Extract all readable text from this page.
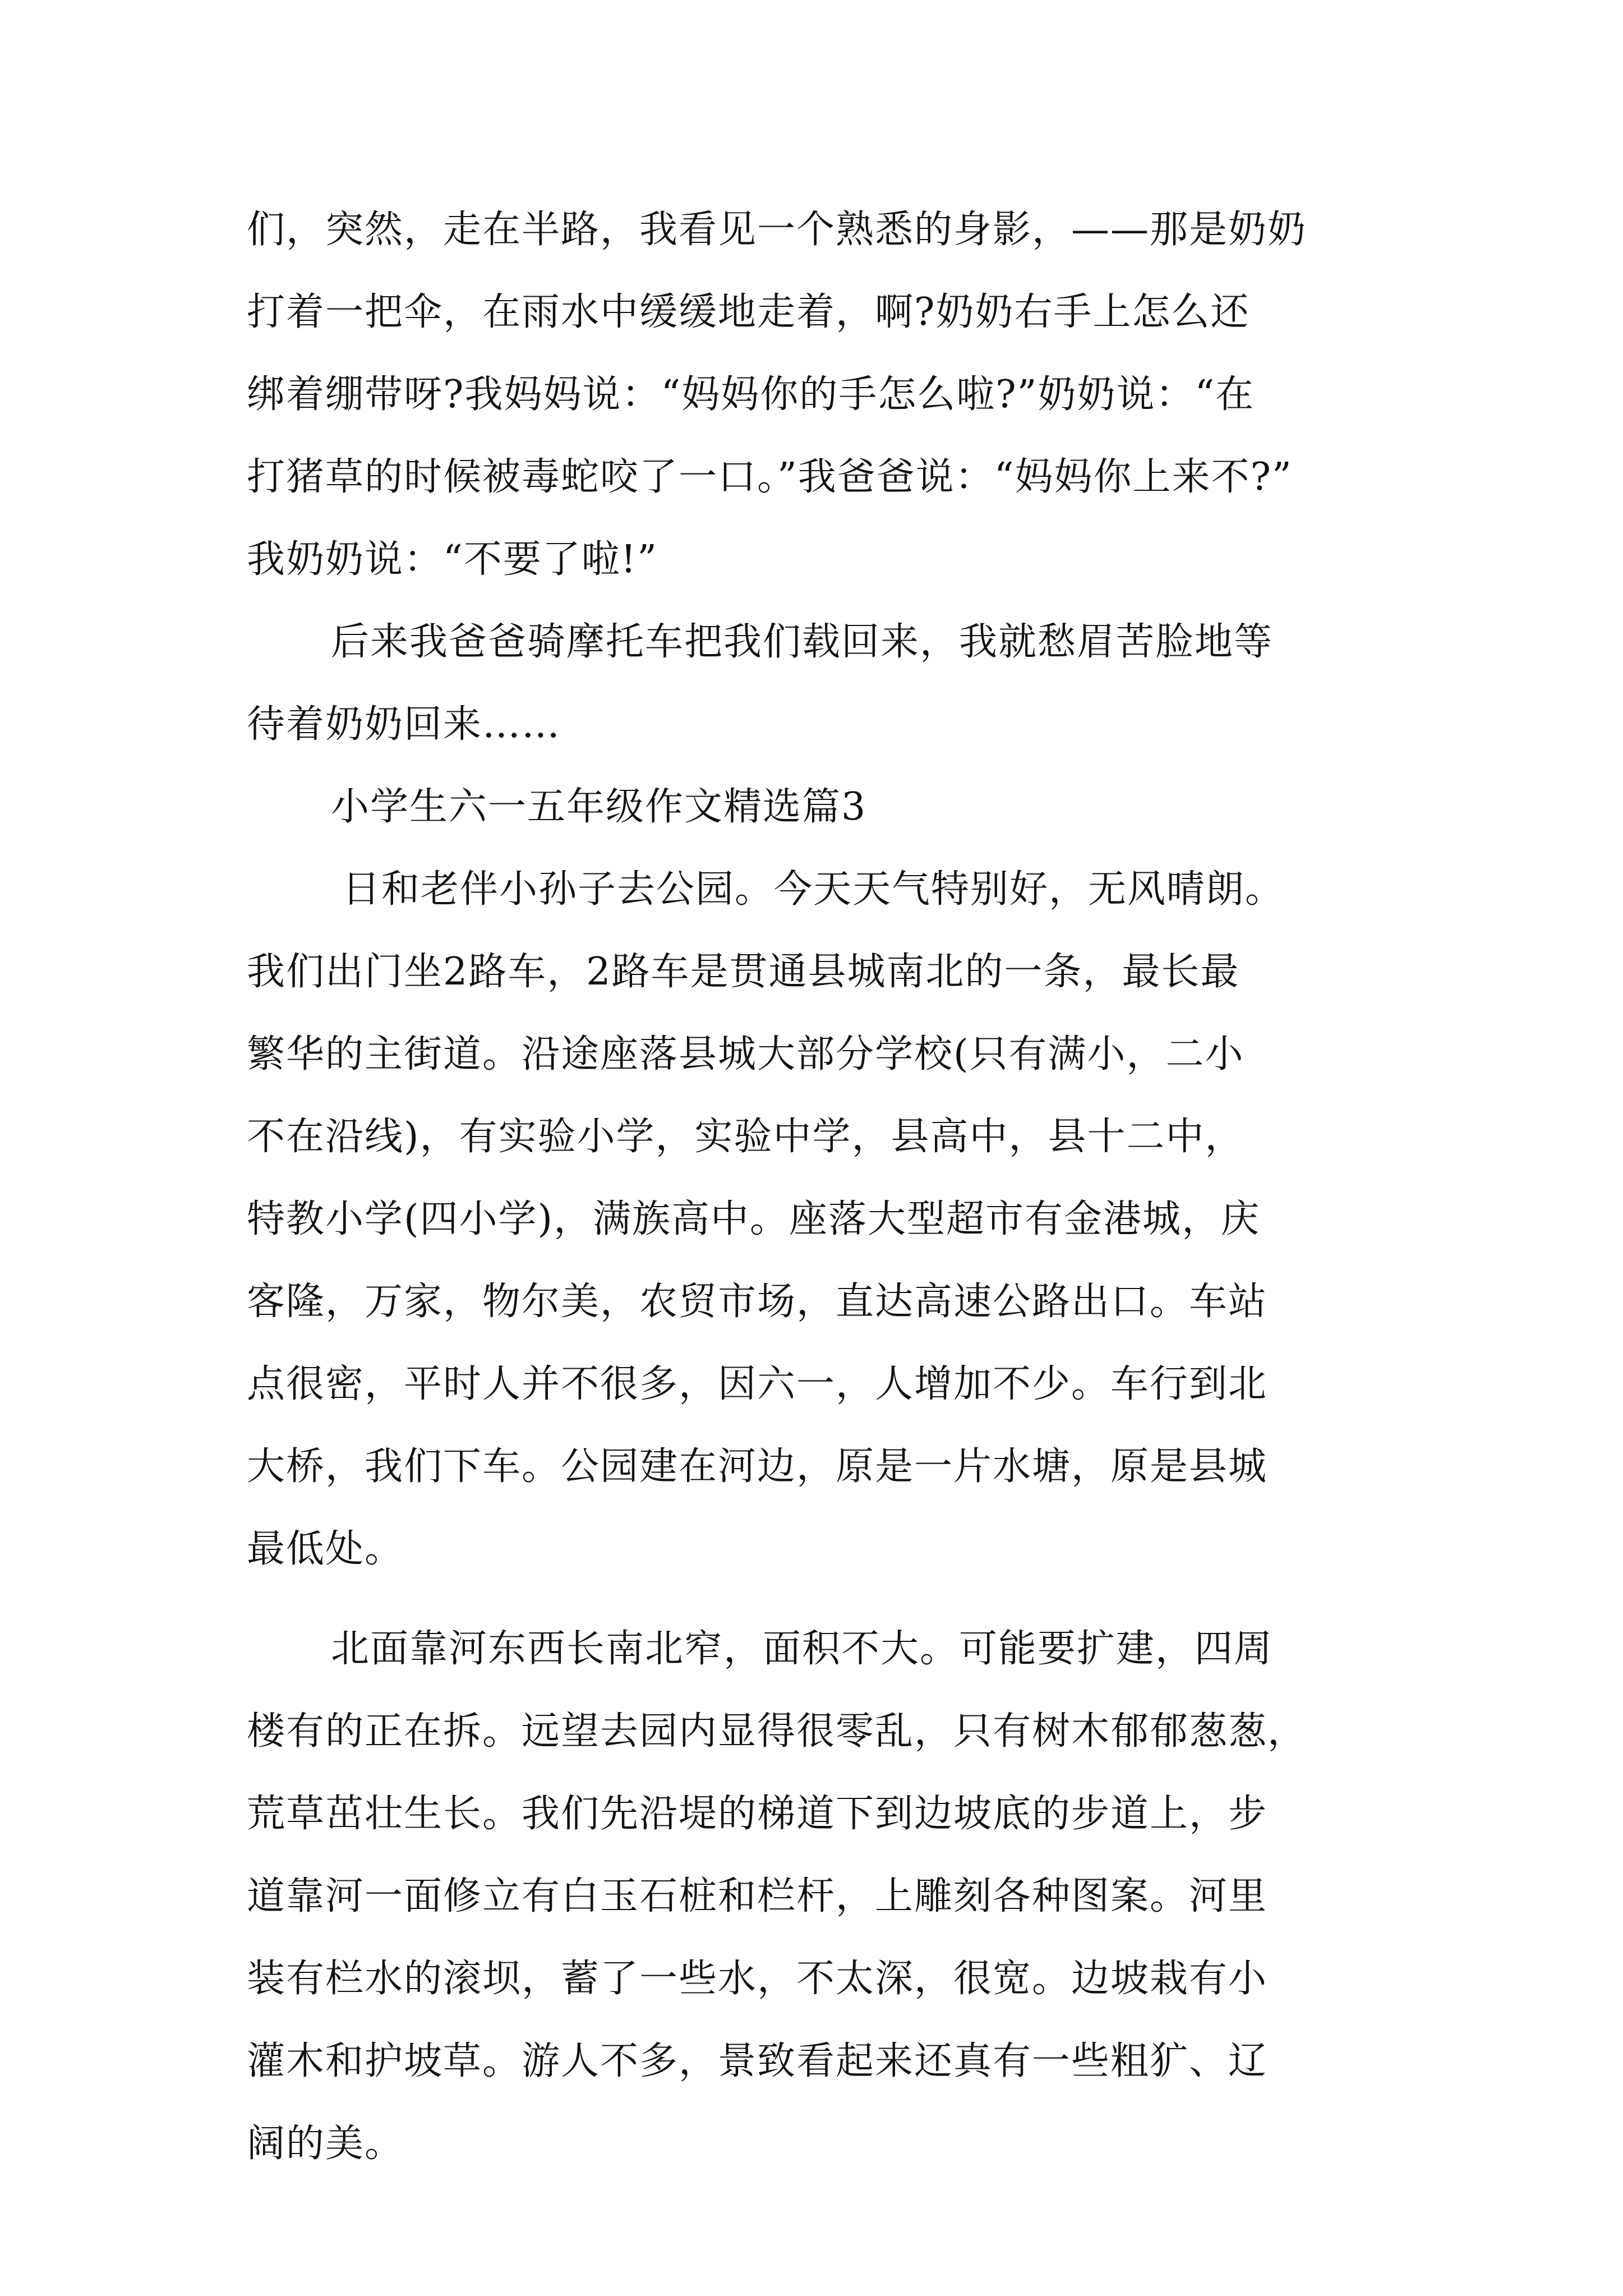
们，突然，走在半路，我看见一个熟悉的身影，——那是奶奶
打着一把伞，在雨水中缓缓地走着，啊?奶奶右手上怎么还
绑着绷带呀?我妈妈说：“妈妈你的手怎么啦?”奶奶说：“在
打猪草的时候被毒蛇咬了一口。”我爸爸说：“妈妈你上来不?”
我奶奶说：“不要了啦!”
后来我爸爸骑摩托车把我们载回来，我就愁眉苦脸地等
待着奶奶回来……
小学生六一五年级作文精选篇3
日和老伴小孙子去公园。今天天气特别好，无风晴朗。
我们出门坐2路车，2路车是贯通县城南北的一条，最长最
繁华的主街道。沿途座落县城大部分学校(只有满小，二小
不在沿线)，有实验小学，实验中学，县高中，县十二中，
特教小学(四小学)，满族高中。座落大型超市有金港城，庆
客隆，万家，物尔美，农贸市场，直达高速公路出口。车站
点很密，平时人并不很多，因六一，人增加不少。车行到北
大桥，我们下车。公园建在河边，原是一片水塘，原是县城
最低处。
北面靠河东西长南北窄，面积不大。可能要扩建，四周
楼有的正在拆。远望去园内显得很零乱，只有树木郁郁葱葱，
荒草茁壮生长。我们先沿堤的梯道下到边坡底的步道上，步
道靠河一面修立有白玉石桩和栏杆，上雕刻各种图案。河里
装有栏水的滚坝，蓄了一些水，不太深，很宽。边坡栽有小
灌木和护坡草。游人不多，景致看起来还真有一些粗犷、辽
阔的美。
